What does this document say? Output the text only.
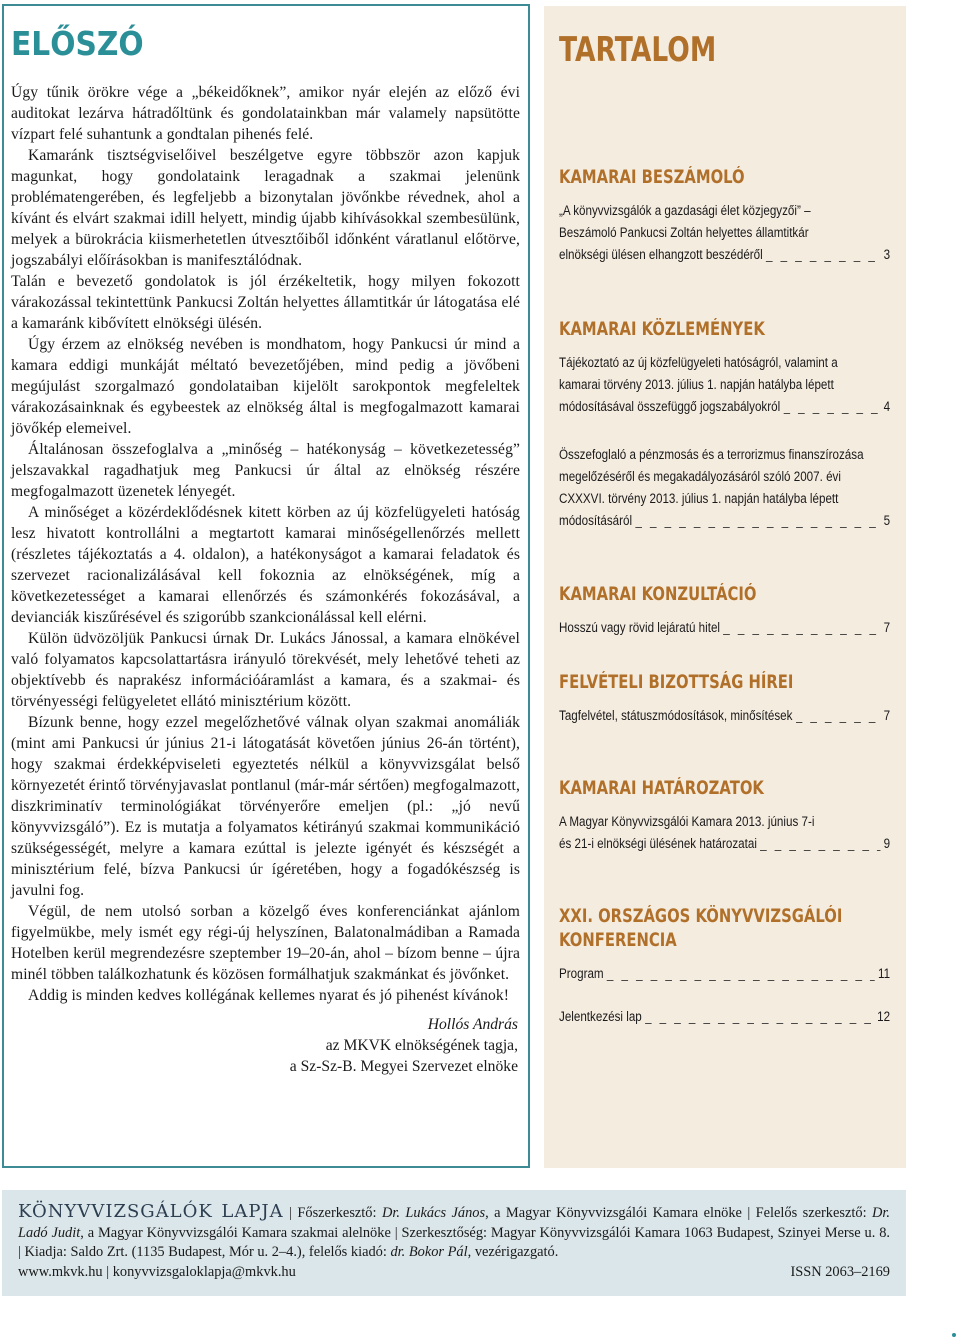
ELŐSZÓ

Úgy tűnik örökre vége a „békeidőknek”, amikor nyár elején az előző évi auditokat lezárva hátradőltünk és gondolatainkban már valamely napsütötte vízpart felé suhantunk a gondtalan pihenés felé.

Kamaránk tisztségviselőivel beszélgetve egyre többször azon kapjuk magunkat, hogy gondolataink leragadnak a szakmai jelenünk problématengerében, és legfeljebb a bizonytalan jövőnkbe révednek, ahol a kívánt és elvárt szakmai idill helyett, mindig újabb kihívásokkal szembesülünk, melyek a bürokrácia kiismerhetetlen útvesztőiből időnként váratlanul előtörve, jogszabályi előírásokban is manifesztálódnak.

Talán e bevezető gondolatok is jól érzékeltetik, hogy milyen fokozott várakozással tekintettünk Pankucsi Zoltán helyettes államtitkár úr látogatása elé a kamaránk kibővített elnökségi ülésén.

Úgy érzem az elnökség nevében is mondhatom, hogy Pankucsi úr mind a kamara eddigi munkáját méltató bevezetőjében, mind pedig a jövőbeni megújulást szorgalmazó gondolataiban kijelölt sarokpontok megfeleltek várakozásainknak és egybeestek az elnökség által is megfogalmazott kamarai jövőkép elemeivel.

Általánosan összefoglalva a „minőség – hatékonyság – következetesség” jelszavakkal ragadhatjuk meg Pankucsi úr által az elnökség részére megfogalmazott üzenetek lényegét.

A minőséget a közérdeklődésnek kitett körben az új közfelügyeleti hatóság lesz hivatott kontrollálni a megtartott kamarai minőségellenőrzés mellett (részletes tájékoztatás a 4. oldalon), a hatékonyságot a kamarai feladatok és szervezet racionalizálásával kell fokoznia az elnökségének, míg a következetességet a kamarai ellenőrzés és számonkérés fokozásával, a devianciák kiszűrésével és szigorúbb szankcionálással kell elérni.

Külön üdvözöljük Pankucsi úrnak Dr. Lukács Jánossal, a kamara elnökével való folyamatos kapcsolattartásra irányuló törekvését, mely lehetővé teheti az objektívebb és naprakész információáramlást a kamara, és a szakmai- és törvényességi felügyeletet ellátó minisztérium között.

Bízunk benne, hogy ezzel megelőzhetővé válnak olyan szakmai anomáliák (mint ami Pankucsi úr június 21-i látogatását követően június 26-án történt), hogy szakmai érdekképviseleti egyeztetés nélkül a könyvvizsgálat belső környezetét érintő törvényjavaslat pontlanul (már-már sértően) megfogalmazott, diszkriminatív terminológiákat törvényerőre emeljen (pl.: „jó nevű könyvvizsgáló”). Ez is mutatja a folyamatos kétirányú szakmai kommunikáció szükségességét, melyre a kamara ezúttal is jelezte igényét és készségét a minisztérium felé, bízva Pankucsi úr ígéretében, hogy a fogadókészség is javulni fog.

Végül, de nem utolsó sorban a közelgő éves konferenciánkat ajánlom figyelmükbe, mely ismét egy régi-új helyszínen, Balatonalmádiban a Ramada Hotelben kerül megrendezésre szeptember 19–20-án, ahol – bízom benne – újra minél többen találkozhatunk és közösen formálhatjuk szakmánkat és jövőnket.

Addig is minden kedves kollégának kellemes nyarat és jó pihenést kívánok!

Hollós András
az MKVK elnökségének tagja,
a Sz-Sz-B. Megyei Szervezet elnöke
TARTALOM
KAMARAI BESZÁMOLÓ
„A könyvvizsgálók a gazdasági élet közjegyzői” –
Beszámoló Pankucsi Zoltán helyettes államtitkár
elnökségi ülésen elhangzott beszédéről _ _ _	3
KAMARAI KÖZLEMÉNYEK
Tájékoztató az új közfelügyeleti hatóságról, valamint a
kamarai törvény 2013. július 1. napján hatályba lépett
módosításával összefüggő jogszabályokról _ _ _	4
Összefoglaló a pénzmosás és a terrorizmus finanszírozása
megelőzéséről és megakadályozásáról szóló 2007. évi
CXXXVI. törvény 2013. július 1. napján hatályba lépett
módosításáról _ _ _	5
KAMARAI KONZULTÁCIÓ
Hosszú vagy rövid lejáratú hitel _ _ _	7
FELVÉTELI BIZOTTSÁG HÍREI
Tagfelvétel, státuszmódosítások, minősítések _ _ _	7
KAMARAI HATÁROZATOK
A Magyar Könyvvizsgálói Kamara 2013. június 7-i
és 21-i elnökségi ülésének határozatai _ _ _	9
XXI. ORSZÁGOS KÖNYVVIZSGÁLÓI KONFERENCIA
Program _ _ _	11
Jelentkezési lap _ _ _	12
KÖNYVVIZSGÁLÓK LAPJA | Főszerkesztő: Dr. Lukács János, a Magyar Könyvvizsgálói Kamara elnöke | Felelős szerkesztő: Dr. Ladó Judit, a Magyar Könyvvizsgálói Kamara szakmai alelnöke | Szerkesztőség: Magyar Könyvvizsgálói Kamara 1063 Budapest, Szinyei Merse u. 8. | Kiadja: Saldo Zrt. (1135 Budapest, Mór u. 2–4.), felelős kiadó: dr. Bokor Pál, vezérigazgató.
www.mkvk.hu | konyvvizsgaloklapja@mkvk.hu	ISSN 2063–2169
